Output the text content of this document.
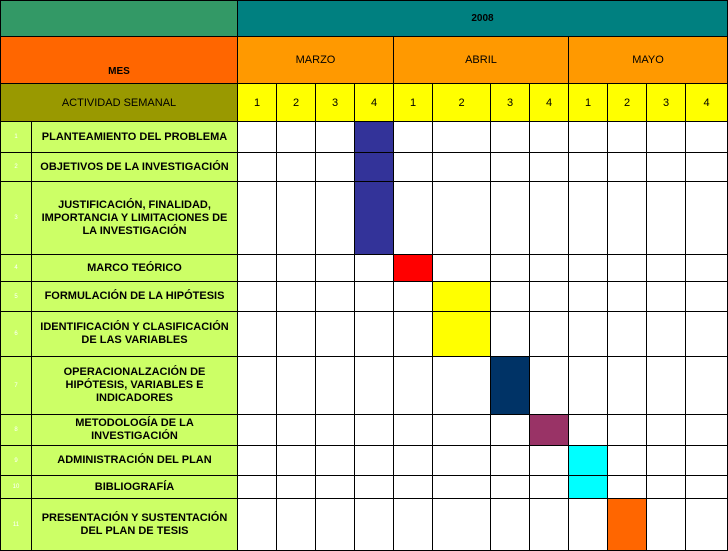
		2008											
MES		MARZO				ABRIL				MAYO			
ACTIVIDAD SEMANAL		1	2	3	4	1	2	3	4	1	2	3	4
1	PLANTEAMIENTO DEL PROBLEMA												
2	OBJETIVOS DE LA INVESTIGACIÓN												
3	JUSTIFICACIÓN, FINALIDAD, IMPORTANCIA Y LIMITACIONES DE LA INVESTIGACIÓN												
4	MARCO TEÓRICO												
5	FORMULACIÓN DE LA HIPÓTESIS												
6	IDENTIFICACIÓN Y CLASIFICACIÓN DE LAS VARIABLES												
7	OPERACIONALZACIÓN DE HIPÓTESIS, VARIABLES E INDICADORES												
8	METODOLOGÍA DE LA INVESTIGACIÓN												
9	ADMINISTRACIÓN DEL PLAN												
10	BIBLIOGRAFÍA												
11	PRESENTACIÓN Y SUSTENTACIÓN DEL PLAN DE TESIS												
